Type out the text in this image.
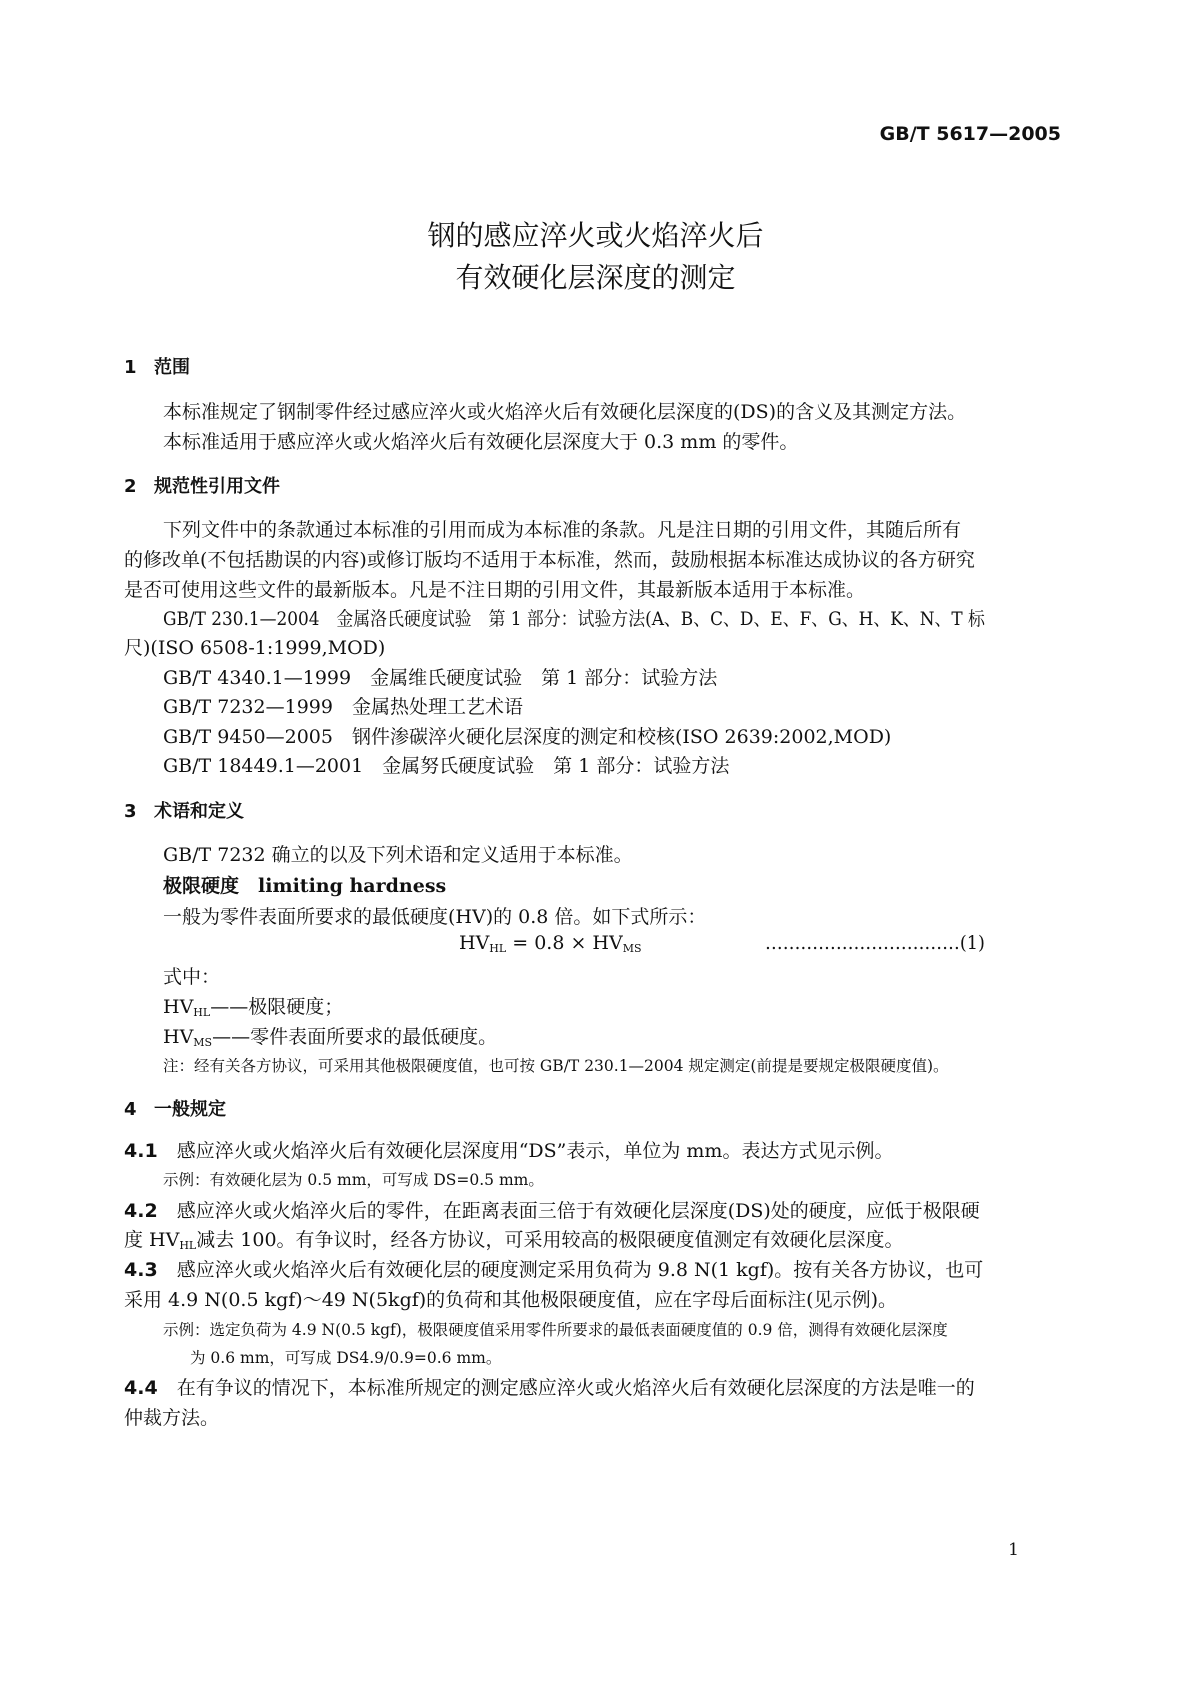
GB/T 5617—2005
钢的感应淬火或火焰淬火后
有效硬化层深度的测定
1 范围
本标准规定了钢制零件经过感应淬火或火焰淬火后有效硬化层深度的(DS)的含义及其测定方法。
本标准适用于感应淬火或火焰淬火后有效硬化层深度大于 0.3 mm 的零件。
2 规范性引用文件
下列文件中的条款通过本标准的引用而成为本标准的条款。凡是注日期的引用文件，其随后所有
的修改单(不包括勘误的内容)或修订版均不适用于本标准，然而，鼓励根据本标准达成协议的各方研究
是否可使用这些文件的最新版本。凡是不注日期的引用文件，其最新版本适用于本标准。
GB/T 230.1—2004　金属洛氏硬度试验　第 1 部分：试验方法(A、B、C、D、E、F、G、H、K、N、T 标
尺)(ISO 6508-1:1999,MOD)
GB/T 4340.1—1999　金属维氏硬度试验　第 1 部分：试验方法
GB/T 7232—1999　金属热处理工艺术语
GB/T 9450—2005　钢件渗碳淬火硬化层深度的测定和校核(ISO 2639:2002,MOD)
GB/T 18449.1—2001　金属努氏硬度试验　第 1 部分：试验方法
3 术语和定义
GB/T 7232 确立的以及下列术语和定义适用于本标准。
极限硬度　 limiting hardness
一般为零件表面所要求的最低硬度(HV)的 0.8 倍。如下式所示：
$HV_{HL} = 0.8 \times HV_{MS}$	……………………………(1)
式中：
$HV_{HL}——$极限硬度；
$HV_{MS}——$零件表面所要求的最低硬度。
注：经有关各方协议，可采用其他极限硬度值，也可按 GB/T 230.1—2004 规定测定(前提是要规定极限硬度值)。
4 一般规定
4.1　 感应淬火或火焰淬火后有效硬化层深度用“DS”表示，单位为 mm。表达方式见示例。
示例：有效硬化层为 0.5 mm，可写成 DS=0.5 mm。
4.2　 感应淬火或火焰淬火后的零件，在距离表面三倍于有效硬化层深度(DS)处的硬度，应低于极限硬
度 $HV_{HL}$减去 100。有争议时，经各方协议，可采用较高的极限硬度值测定有效硬化层深度。
4.3　 感应淬火或火焰淬火后有效硬化层的硬度测定采用负荷为 9.8 N(1 kgf)。按有关各方协议，也可
采用 4.9 N(0.5 kgf)～49 N(5kgf)的负荷和其他极限硬度值，应在字母后面标注(见示例)。
示例：选定负荷为 4.9 N(0.5 kgf)，极限硬度值采用零件所要求的最低表面硬度值的 0.9 倍，测得有效硬化层深度
为 0.6 mm，可写成 DS4.9/0.9=0.6 mm。
4.4　 在有争议的情况下，本标准所规定的测定感应淬火或火焰淬火后有效硬化层深度的方法是唯一的
仲裁方法。
1
